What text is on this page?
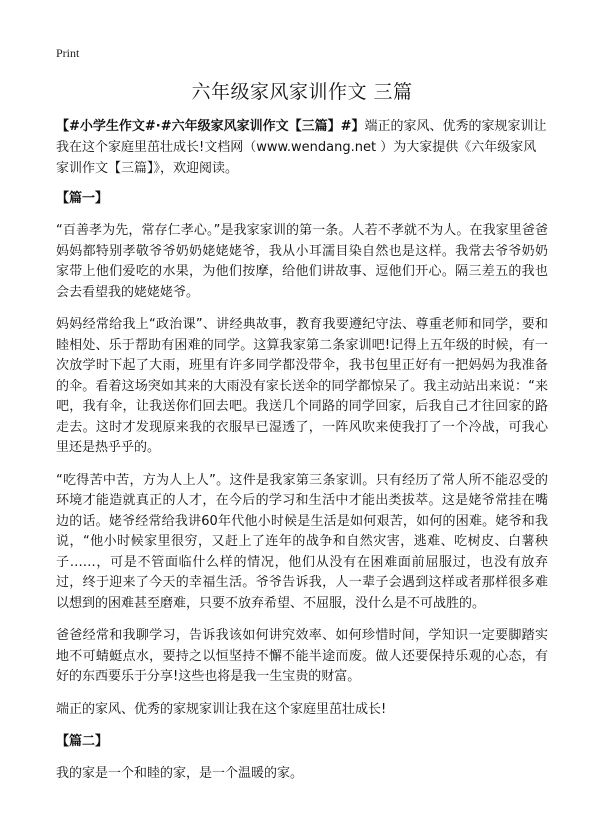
Print
六年级家风家训作文 三篇

【#小学生作文#·#六年级家风家训作文【三篇】#】端正的家风、优秀的家规家训让我在这个家庭里茁壮成长!文档网（www.wendang.net ）为大家提供《六年级家风家训作文【三篇】》，欢迎阅读。

【篇一】

“百善孝为先，常存仁孝心。”是我家家训的第一条。人若不孝就不为人。在我家里爸爸妈妈都特别孝敬爷爷奶奶姥姥姥爷，我从小耳濡目染自然也是这样。我常去爷爷奶奶家带上他们爱吃的水果，为他们按摩，给他们讲故事、逗他们开心。隔三差五的我也会去看望我的姥姥姥爷。

妈妈经常给我上“政治课”、讲经典故事，教育我要遵纪守法、尊重老师和同学，要和睦相处、乐于帮助有困难的同学。这算我家第二条家训吧!记得上五年级的时候，有一次放学时下起了大雨，班里有许多同学都没带伞，我书包里正好有一把妈妈为我准备的伞。看着这场突如其来的大雨没有家长送伞的同学都惊呆了。我主动站出来说：“来吧，我有伞，让我送你们回去吧。我送几个同路的同学回家，后我自己才往回家的路走去。这时才发现原来我的衣服早已湿透了，一阵风吹来使我打了一个冷战，可我心里还是热乎乎的。

“吃得苦中苦，方为人上人”。这件是我家第三条家训。只有经历了常人所不能忍受的环境才能造就真正的人才，在今后的学习和生活中才能出类拔萃。这是姥爷常挂在嘴边的话。姥爷经常给我讲60年代他小时候是生活是如何艰苦，如何的困难。姥爷和我说，“他小时候家里很穷，又赶上了连年的战争和自然灾害，逃难、吃树皮、白薯秧子……，可是不管面临什么样的情况，他们从没有在困难面前屈服过，也没有放弃过，终于迎来了今天的幸福生活。爷爷告诉我，人一辈子会遇到这样或者那样很多难以想到的困难甚至磨难，只要不放弃希望、不屈服，没什么是不可战胜的。

爸爸经常和我聊学习，告诉我该如何讲究效率、如何珍惜时间，学知识一定要脚踏实地不可蜻蜓点水，要持之以恒坚持不懈不能半途而废。做人还要保持乐观的心态，有好的东西要乐于分享!这些也将是我一生宝贵的财富。

端正的家风、优秀的家规家训让我在这个家庭里茁壮成长!

【篇二】

我的家是一个和睦的家，是一个温暖的家。
